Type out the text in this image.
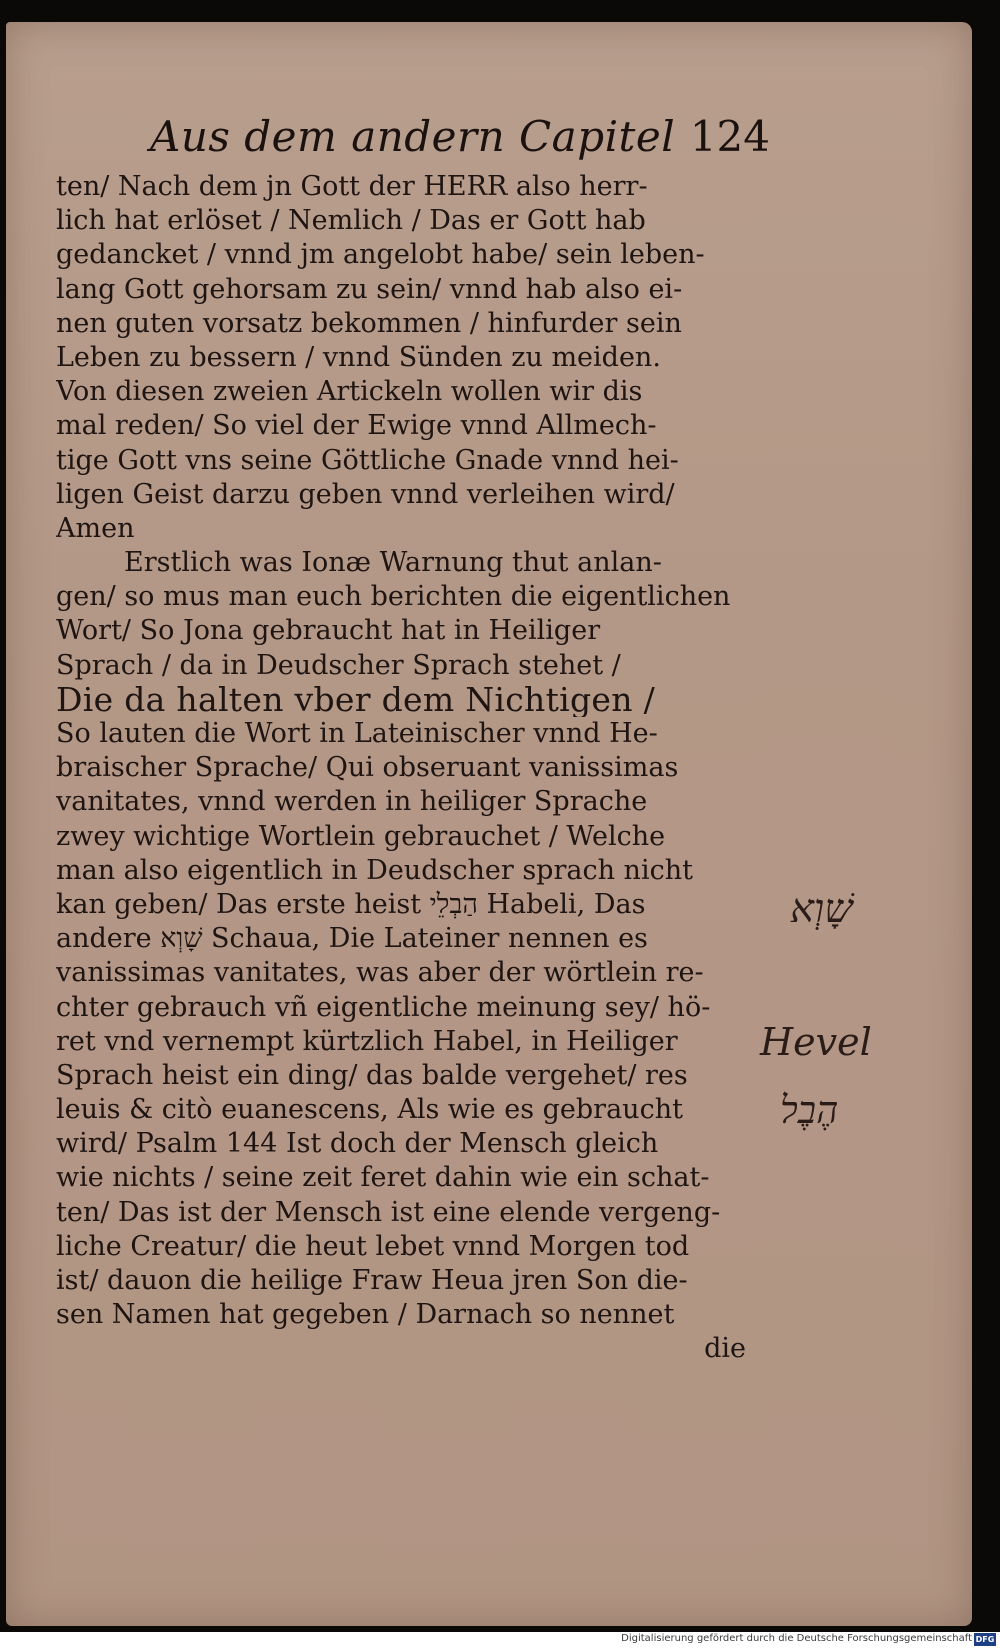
Aus dem andern Capitel 124
ten/ Nach dem jn Gott der HERR also herr-
lich hat erlöset / Nemlich / Das er Gott hab
gedancket / vnnd jm angelobt habe/ sein leben-
lang Gott gehorsam zu sein/ vnnd hab also ei-
nen guten vorsatz bekommen / hinfurder sein
Leben zu bessern / vnnd Sünden zu meiden.
Von diesen zweien Artickeln wollen wir dis
mal reden/ So viel der Ewige vnnd Allmech-
tige Gott vns seine Göttliche Gnade vnnd hei-
ligen Geist darzu geben vnnd verleihen wird/
Amen
Erstlich was Ionæ Warnung thut anlan-
gen/ so mus man euch berichten die eigentlichen
Wort/ So Jona gebraucht hat in Heiliger
Sprach / da in Deudscher Sprach stehet /
Die da halten vber dem Nichtigen /
So lauten die Wort in Lateinischer vnnd He-
braischer Sprache/ Qui obseruant vanissimas
vanitates, vnnd werden in heiliger Sprache
zwey wichtige Wortlein gebrauchet / Welche
man also eigentlich in Deudscher sprach nicht
kan geben/ Das erste heist הַבְלֵי Habeli, Das
andere שָׁוְא Schaua, Die Lateiner nennen es
vanissimas vanitates, was aber der wörtlein re-
chter gebrauch vñ eigentliche meinung sey/ hö-
ret vnd vernempt kürtzlich Habel, in Heiliger
Sprach heist ein ding/ das balde vergehet/ res
leuis & citò euanescens, Als wie es gebraucht
wird/ Psalm 144 Ist doch der Mensch gleich
wie nichts / seine zeit feret dahin wie ein schat-
ten/ Das ist der Mensch ist eine elende vergeng-
liche Creatur/ die heut lebet vnnd Morgen tod
ist/ dauon die heilige Fraw Heua jren Son die-
sen Namen hat gegeben / Darnach so nennet
die
שָׁוְא
Hevel
הֶבֶל
Digitalisierung gefördert durch die Deutsche Forschungsgemeinschaft DFG
